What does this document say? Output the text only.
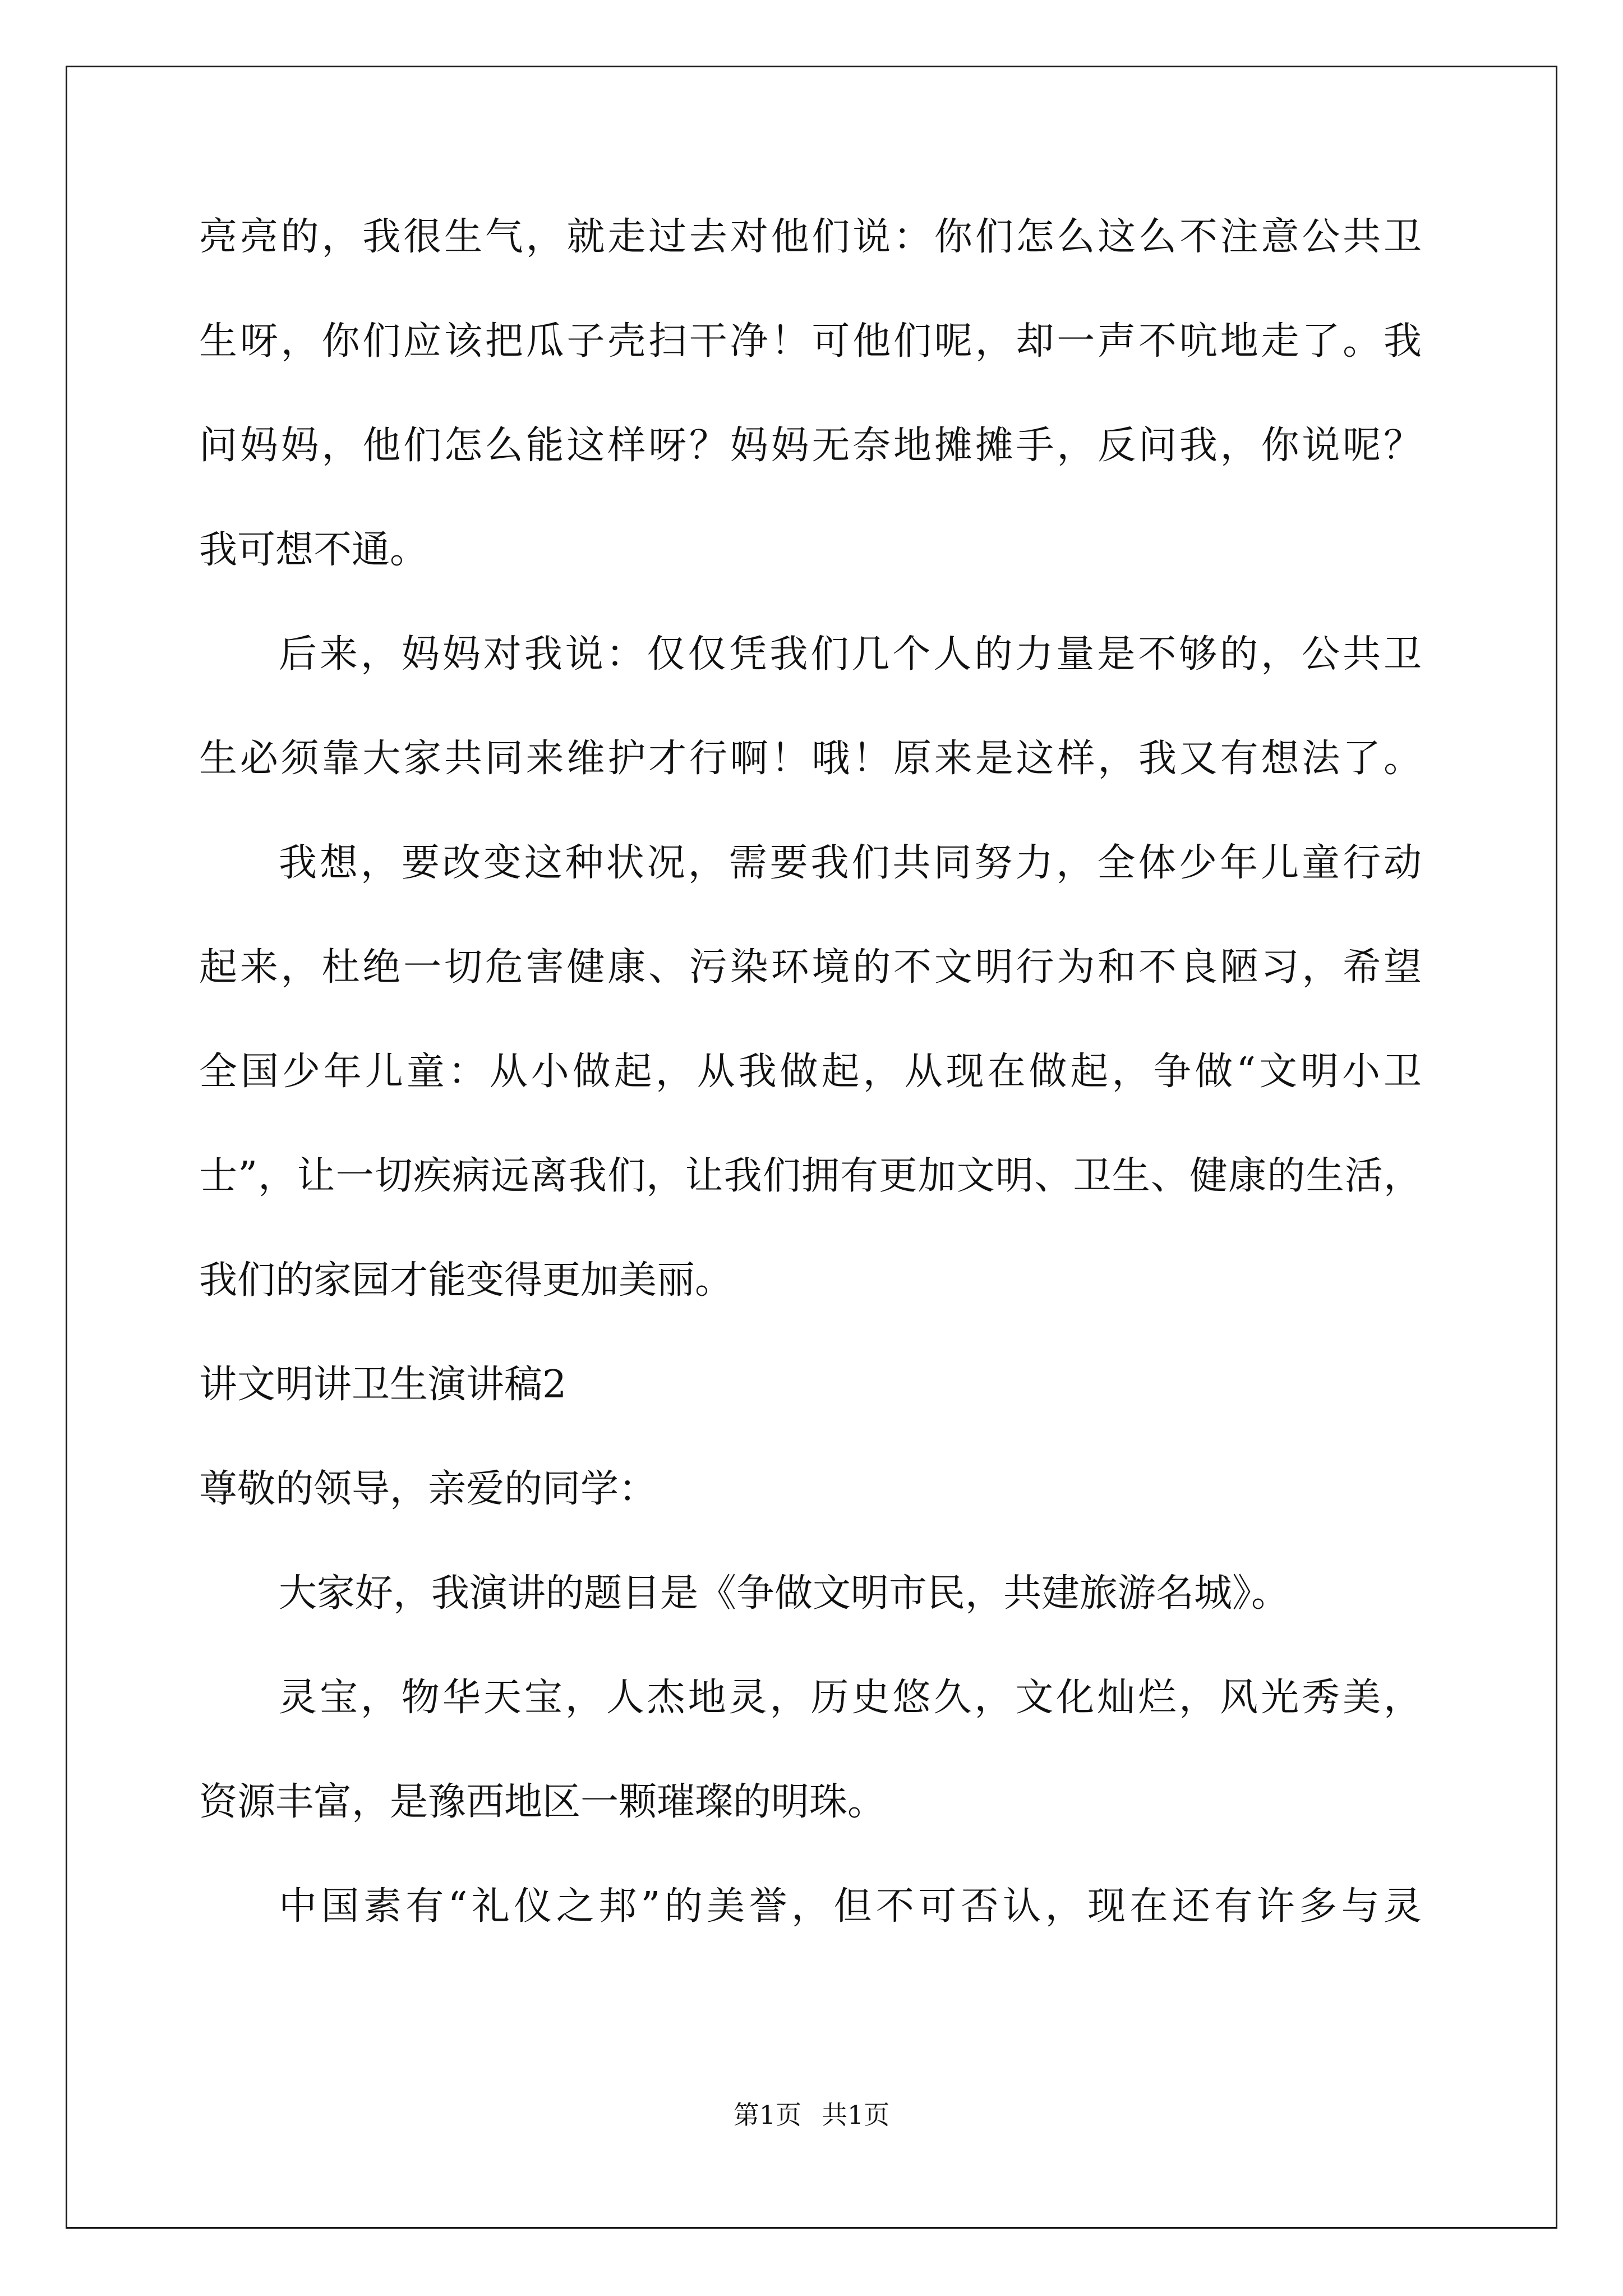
亮亮的，我很生气，就走过去对他们说：你们怎么这么不注意公共卫
生呀，你们应该把瓜子壳扫干净！可他们呢，却一声不吭地走了。我
问妈妈，他们怎么能这样呀？妈妈无奈地摊摊手，反问我，你说呢？
我可想不通。
后来，妈妈对我说：仅仅凭我们几个人的力量是不够的，公共卫
生必须靠大家共同来维护才行啊！哦！原来是这样，我又有想法了。
我想，要改变这种状况，需要我们共同努力，全体少年儿童行动
起来，杜绝一切危害健康、污染环境的不文明行为和不良陋习，希望
全国少年儿童：从小做起，从我做起，从现在做起，争做“文明小卫
士”，让一切疾病远离我们，让我们拥有更加文明、卫生、健康的生活，
我们的家园才能变得更加美丽。
讲文明讲卫生演讲稿2
尊敬的领导，亲爱的同学：
大家好，我演讲的题目是《争做文明市民，共建旅游名城》。
灵宝，物华天宝，人杰地灵，历史悠久，文化灿烂，风光秀美，
资源丰富，是豫西地区一颗璀璨的明珠。
中国素有“礼仪之邦”的美誉，但不可否认，现在还有许多与灵
第1页 共1页
